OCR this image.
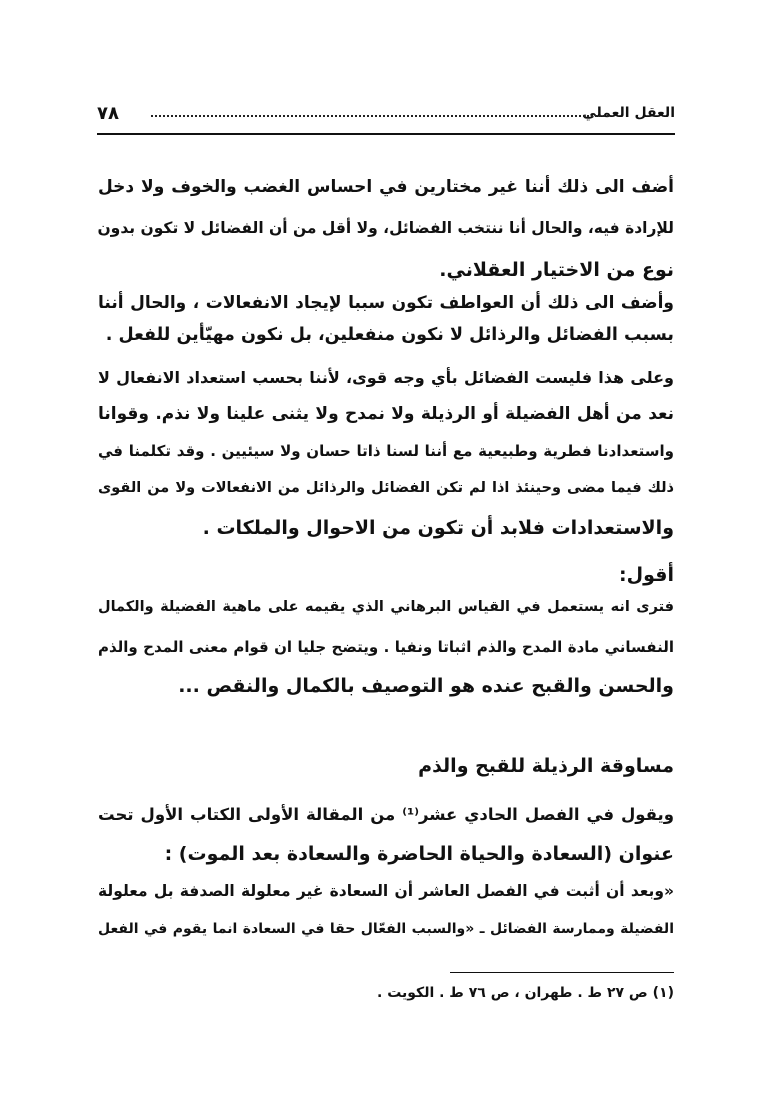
العقل العملي
٧٨
أضف الى ذلك أننا غير مختارين في احساس الغضب والخوف ولا دخل
للإرادة فيه، والحال أنا ننتخب الفضائل، ولا أقل من أن الفضائل لا تكون بدون
نوع من الاختيار العقلاني.
وأضف الى ذلك أن العواطف تكون سببا لإيجاد الانفعالات ، والحال أننا
بسبب الفضائل والرذائل لا نكون منفعلين، بل نكون مهيّأين للفعل .
وعلى هذا فليست الفضائل بأي وجه قوى، لأننا بحسب استعداد الانفعال لا
نعد من أهل الفضيلة أو الرذيلة ولا نمدح ولا يثنى علينا ولا نذم. وقوانا
واستعدادنا فطرية وطبيعية مع أننا لسنا ذاتا حسان ولا سيئيين . وقد تكلمنا في
ذلك فيما مضى وحينئذ اذا لم تكن الفضائل والرذائل من الانفعالات ولا من القوى
والاستعدادات فلابد أن تكون من الاحوال والملكات .
أقول:
فترى انه يستعمل في القياس البرهاني الذي يقيمه على ماهية الفضيلة والكمال
النفساني مادة المدح والذم اثباتا ونفيا . ويتضح جليا ان قوام معنى المدح والذم
والحسن والقبح عنده هو التوصيف بالكمال والنقص ...
مساوقة الرذيلة للقبح والذم
ويقول في الفصل الحادي عشر⁽¹⁾ من المقالة الأولى الكتاب الأول تحت
عنوان (السعادة والحياة الحاضرة والسعادة بعد الموت) :
«وبعد أن أثبت في الفصل العاشر أن السعادة غير معلولة الصدفة بل معلولة
الفضيلة وممارسة الفضائل ـ «والسبب الفعّال حقا في السعادة انما يقوم في الفعل
(١) ص ٢٧ ط . طهران ، ص ٧٦ ط . الكويت .
